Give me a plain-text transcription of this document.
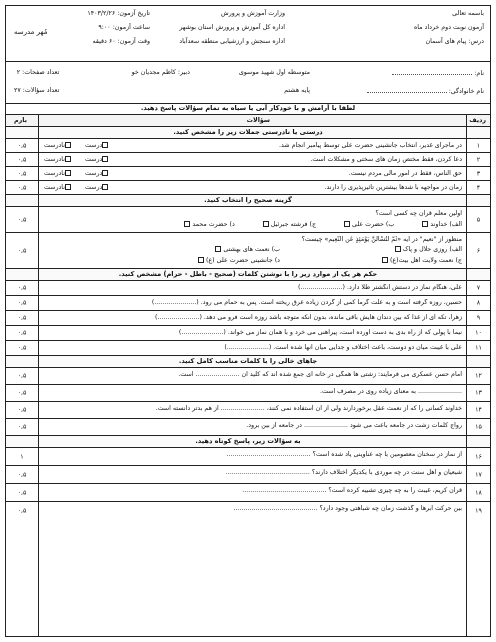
باسمه تعالی
آزمون نوبت دوم خرداد ماه
درس: پیام های آسمان
وزارت آموزش و پرورش
اداره کل آموزش و پرورش استان بوشهر
اداره سنجش و ارزشیابی منطقه سعدآباد
تاریخ آزمون: ۱۴۰۳/۲/۲۶
ساعت آزمون: ۹:۰۰
وقت آزمون: ۶۰ دقیقه
مُهر مدرسه
نام:
نام خانوادگی:
متوسطه اول شهید موسوی
پایه هشتم
دبیر: کاظم مجدیان خو
تعداد صفحات: ۲
تعداد سؤالات: ۲۷
لطفا با آرامش و با خودکار آبی یا سیاه به تمام سؤالات پاسخ دهید.
ردیف
سؤالات
بارم
درستی یا نادرستی جملات زیر را مشخص کنید.
۱
در ماجرای غدیر، انتخاب جانشینی حضرت علی توسط پیامبر انجام شد.
درستنادرست
۰,۵
۲
دعا کردن، فقط مختص زمان های سختی و مشکلات است.
درستنادرست
۰,۵
۳
حق الناس، فقط در امور مالی مردم نیست.
درستنادرست
۰,۵
۴
زمان در مواجهه با شدها بیشترین تأثیرپذیری را دارند.
درستنادرست
۰,۵
گزینه صحیح را انتخاب کنید.
۵
اولین معلم قرآن چه کسی است؟
الف) خداوند ب) حضرت علی ج) فرشته جبرئیل د) حضرت محمد
۰,۵
۶
منظور از "نعیم" در آیه «ثُمَّ لَتُسْأَلُنَّ يَوْمَئِذٍ عَنِ النَّعِيمِ» چیست؟
الف) روزی حلال و پاک ب) نعمت های بهشتی
ج) نعمت ولایت اهل بیت(ع) د) جانشینی حضرت علی (ع)
۰,۵
حکم هر یک از موارد زیر را با نوشتن کلمات (صحیح - باطل - حرام) مشخص کنید.
۷
علی، هنگام نماز در دستش انگشتر طلا دارد. (.....................)
۰,۵
۸
حسین، روزه گرفته است و به علت گرما کمی از گردن زیاده عرق ریخته است. پس به حمام می رود. (.....................)
۰,۵
۹
زهرا، تکه ای از غذا که بین دندان هایش باقی مانده، بدون آنکه متوجه باشد روزه است فرو می دهد. (.....................)
۰,۵
۱۰
نیما با پولی که از راه بدی به دست آورده است، پیراهنی می خرد و با همان نماز می خواند. (.....................)
۰,۵
۱۱
علی با غیبت میان دو دوست، باعث اختلاف و جدایی میان آنها شده است. (.....................)
۰,۵
جاهای خالی را با کلمات مناسب کامل کنید.
۱۲
امام حسن عسکری می فرمایند: زشتی ها همگی در خانه ای جمع شده اند که کلید آن ...................... است.
۰,۵
۱۳
...................... به معنای زیاده روی در مصرف است.
۰,۵
۱۴
خداوند کسانی را که از نعمت عقل برخوردارند ولی از آن استفاده نمی کنند، ...................... از هم بدتر دانسته است.
۰,۵
۱۵
رواج کلمات زشت در جامعه باعث می شود ...................... در جامعه از بین برود.
۰,۵
به سؤالات زیر، پاسخ کوتاه دهید.
۱۶
از نماز در سخنان معصومین با چه عناوینی یاد شده است؟ ..........................................
۱
۱۷
شیعیان و اهل سنت در چه موردی با یکدیگر اختلاف دارند؟ ..........................................
۰,۵
۱۸
قرآن کریم، غیبت را به چه چیزی تشبیه کرده است؟ ..........................................
۰,۵
۱۹
بین حرکت ابرها و گذشت زمان چه شباهتی وجود دارد؟ ..........................................
۰,۵
